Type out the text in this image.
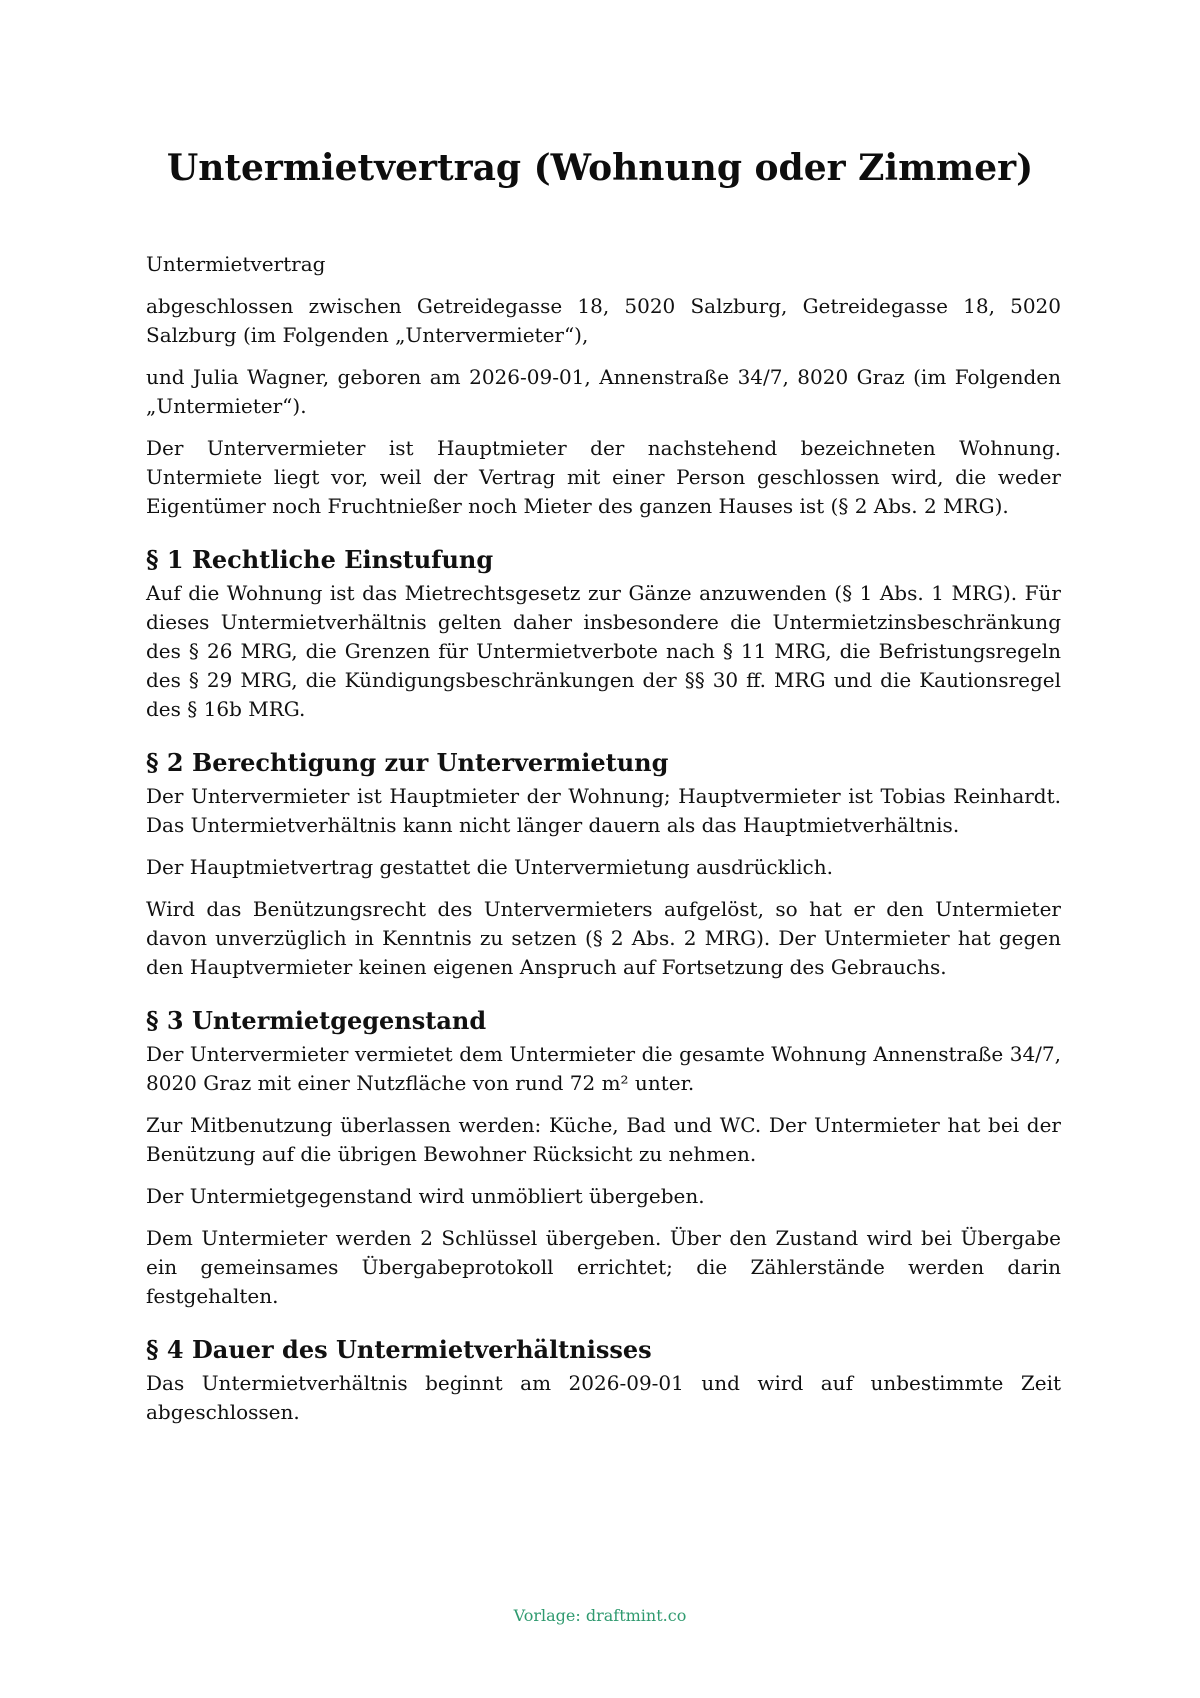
Untermietvertrag (Wohnung oder Zimmer)

Untermietvertrag

abgeschlossen zwischen Getreidegasse 18, 5020 Salzburg, Getreidegasse 18, 5020 Salzburg (im Folgenden „Untervermieter“),

und Julia Wagner, geboren am 2026-09-01, Annenstraße 34/7, 8020 Graz (im Folgenden „Untermieter“).

Der Untervermieter ist Hauptmieter der nachstehend bezeichneten Wohnung. Untermiete liegt vor, weil der Vertrag mit einer Person geschlossen wird, die weder Eigentümer noch Fruchtnießer noch Mieter des ganzen Hauses ist (§ 2 Abs. 2 MRG).

§ 1 Rechtliche Einstufung

Auf die Wohnung ist das Mietrechtsgesetz zur Gänze anzuwenden (§ 1 Abs. 1 MRG). Für dieses Untermietverhältnis gelten daher insbesondere die Untermietzinsbeschränkung des § 26 MRG, die Grenzen für Untermietverbote nach § 11 MRG, die Befristungsregeln des § 29 MRG, die Kündigungsbeschränkungen der §§ 30 ff. MRG und die Kautionsregel des § 16b MRG.

§ 2 Berechtigung zur Untervermietung

Der Untervermieter ist Hauptmieter der Wohnung; Hauptvermieter ist Tobias Reinhardt. Das Untermietverhältnis kann nicht länger dauern als das Hauptmietverhältnis.

Der Hauptmietvertrag gestattet die Untervermietung ausdrücklich.

Wird das Benützungsrecht des Untervermieters aufgelöst, so hat er den Untermieter davon unverzüglich in Kenntnis zu setzen (§ 2 Abs. 2 MRG). Der Untermieter hat gegen den Hauptvermieter keinen eigenen Anspruch auf Fortsetzung des Gebrauchs.

§ 3 Untermietgegenstand

Der Untervermieter vermietet dem Untermieter die gesamte Wohnung Annenstraße 34/7, 8020 Graz mit einer Nutzfläche von rund 72 m² unter.

Zur Mitbenutzung überlassen werden: Küche, Bad und WC. Der Untermieter hat bei der Benützung auf die übrigen Bewohner Rücksicht zu nehmen.

Der Untermietgegenstand wird unmöbliert übergeben.

Dem Untermieter werden 2 Schlüssel übergeben. Über den Zustand wird bei Übergabe ein gemeinsames Übergabeprotokoll errichtet; die Zählerstände werden darin festgehalten.

§ 4 Dauer des Untermietverhältnisses

Das Untermietverhältnis beginnt am 2026-09-01 und wird auf unbestimmte Zeit abgeschlossen.

Vorlage: draftmint.co
